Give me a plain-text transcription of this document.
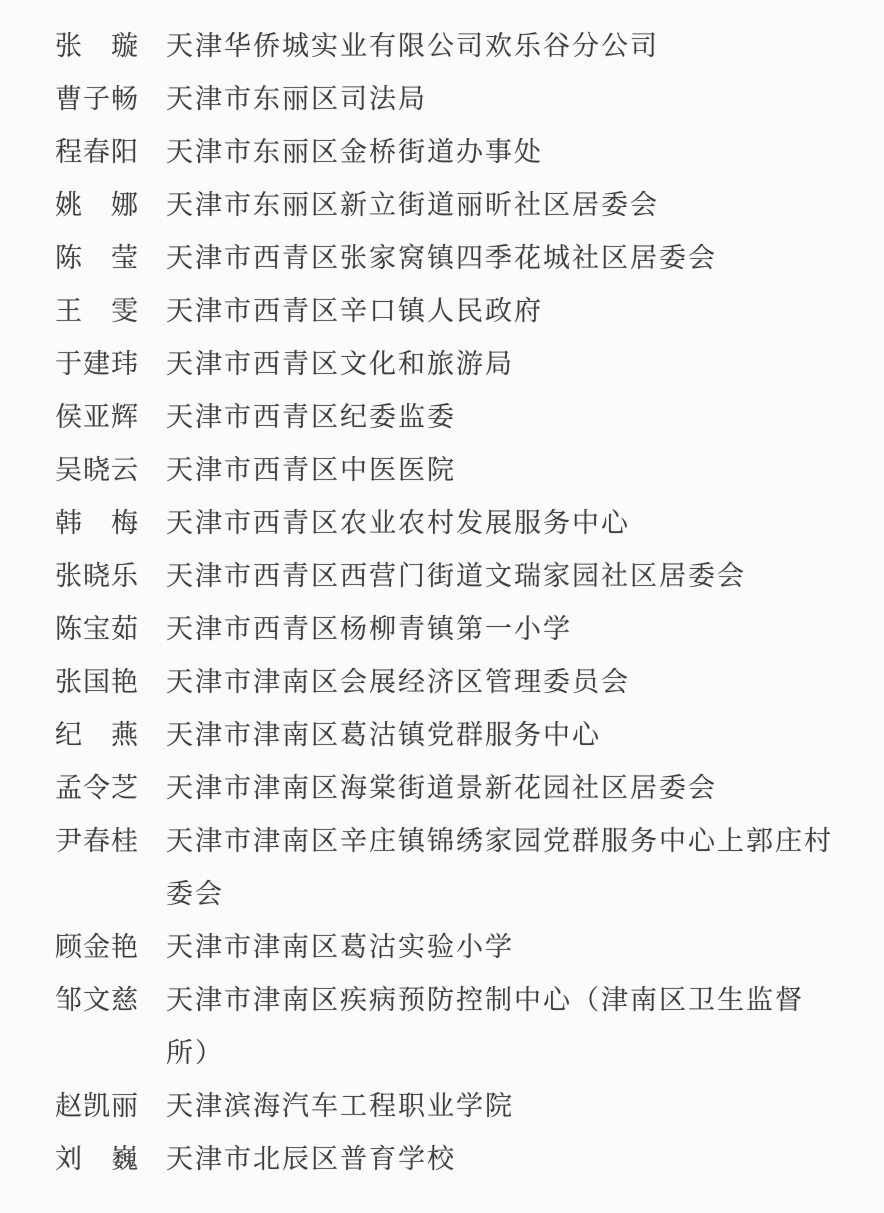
张　璇 天津华侨城实业有限公司欢乐谷分公司
曹子畅 天津市东丽区司法局
程春阳 天津市东丽区金桥街道办事处
姚　娜 天津市东丽区新立街道丽昕社区居委会
陈　莹 天津市西青区张家窝镇四季花城社区居委会
王　雯 天津市西青区辛口镇人民政府
于建玮 天津市西青区文化和旅游局
侯亚辉 天津市西青区纪委监委
吴晓云 天津市西青区中医医院
韩　梅 天津市西青区农业农村发展服务中心
张晓乐 天津市西青区西营门街道文瑞家园社区居委会
陈宝茹 天津市西青区杨柳青镇第一小学
张国艳 天津市津南区会展经济区管理委员会
纪　燕 天津市津南区葛沽镇党群服务中心
孟令芝 天津市津南区海棠街道景新花园社区居委会
尹春桂 天津市津南区辛庄镇锦绣家园党群服务中心上郭庄村委会
顾金艳 天津市津南区葛沽实验小学
邹文慈 天津市津南区疾病预防控制中心（津南区卫生监督所）
赵凯丽 天津滨海汽车工程职业学院
刘　巍 天津市北辰区普育学校
